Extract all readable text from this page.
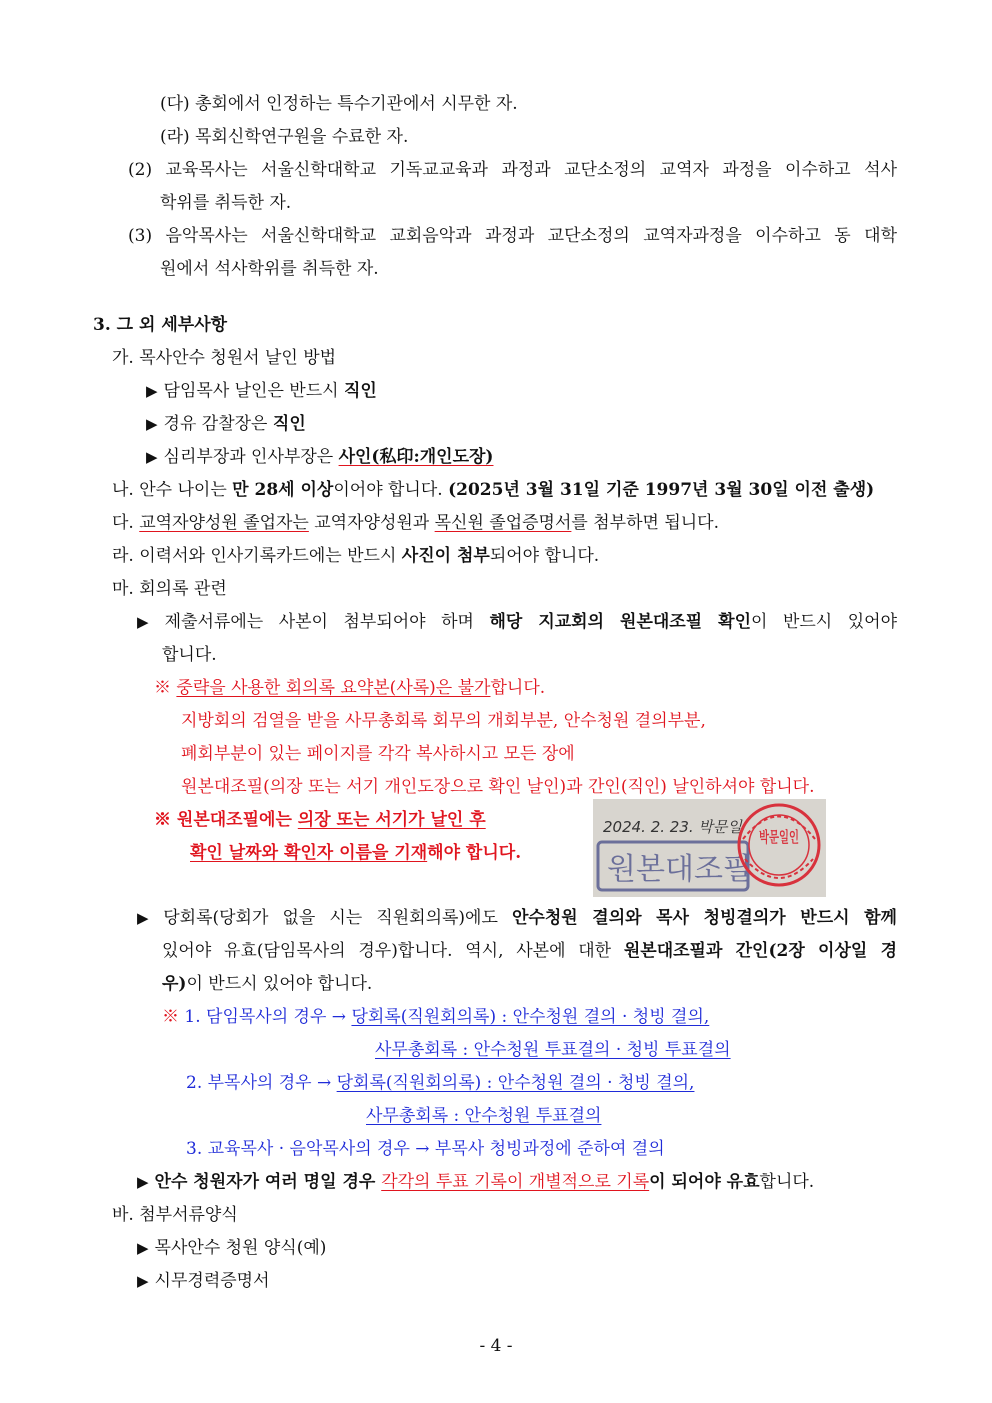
(다) 총회에서 인정하는 특수기관에서 시무한 자.
(라) 목회신학연구원을 수료한 자.
(2) 교육목사는 서울신학대학교 기독교교육과 과정과 교단소정의 교역자 과정을 이수하고 석사
학위를 취득한 자.
(3) 음악목사는 서울신학대학교 교회음악과 과정과 교단소정의 교역자과정을 이수하고 동 대학
원에서 석사학위를 취득한 자.
3. 그 외 세부사항
가. 목사안수 청원서 날인 방법
▶ 담임목사 날인은 반드시 직인
▶ 경유 감찰장은 직인
▶ 심리부장과 인사부장은 사인(私印:개인도장)
나. 안수 나이는 만 28세 이상이어야 합니다. (2025년 3월 31일 기준 1997년 3월 30일 이전 출생)
다. 교역자양성원 졸업자는 교역자양성원과 목신원 졸업증명서를 첨부하면 됩니다.
라. 이력서와 인사기록카드에는 반드시 사진이 첨부되어야 합니다.
마. 회의록 관련
▶ 제출서류에는 사본이 첨부되어야 하며 해당 지교회의 원본대조필 확인이 반드시 있어야
합니다.
※ 중략을 사용한 회의록 요약본(사록)은 불가합니다.
지방회의 검열을 받을 사무총회록 회무의 개회부분, 안수청원 결의부분,
폐회부분이 있는 페이지를 각각 복사하시고 모든 장에
원본대조필(의장 또는 서기 개인도장으로 확인 날인)과 간인(직인) 날인하셔야 합니다.
※ 원본대조필에는 의장 또는 서기가 날인 후
확인 날짜와 확인자 이름을 기재해야 합니다.
2024. 2. 23. 박문일
원본대조필
박문일인
▶ 당회록(당회가 없을 시는 직원회의록)에도 안수청원 결의와 목사 청빙결의가 반드시 함께
있어야 유효(담임목사의 경우)합니다. 역시, 사본에 대한 원본대조필과 간인(2장 이상일 경
우)이 반드시 있어야 합니다.
※ 1. 담임목사의 경우 → 당회록(직원회의록) : 안수청원 결의 · 청빙 결의,
사무총회록 : 안수청원 투표결의 · 청빙 투표결의
2. 부목사의 경우 → 당회록(직원회의록) : 안수청원 결의 · 청빙 결의,
사무총회록 : 안수청원 투표결의
3. 교육목사 · 음악목사의 경우 → 부목사 청빙과정에 준하여 결의
▶ 안수 청원자가 여러 명일 경우 각각의 투표 기록이 개별적으로 기록이 되어야 유효합니다.
바. 첨부서류양식
▶ 목사안수 청원 양식(예)
▶ 시무경력증명서
- 4 -
